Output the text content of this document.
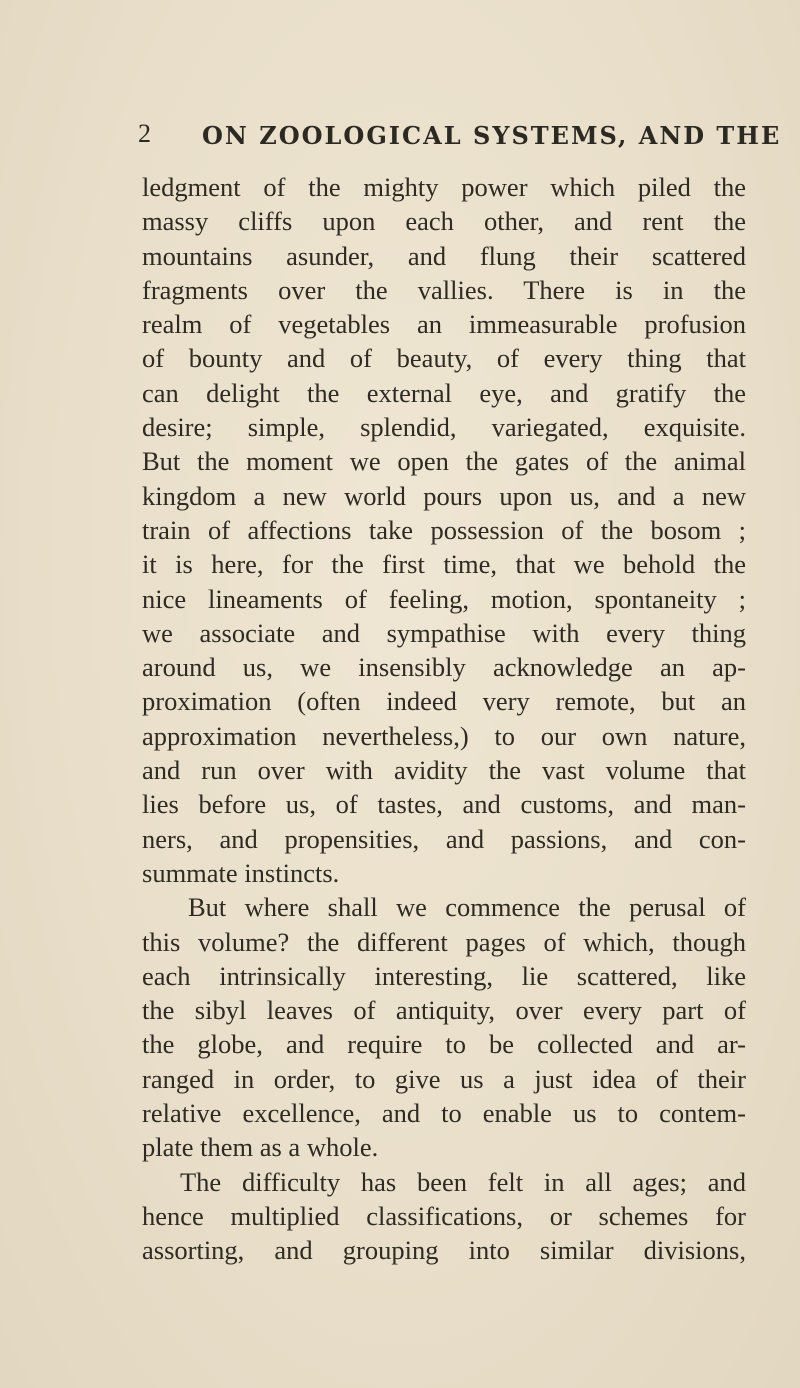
2 ON ZOOLOGICAL SYSTEMS, AND THE
ledgment of the mighty power which piled the
massy cliffs upon each other, and rent the
mountains asunder, and flung their scattered
fragments over the vallies. There is in the
realm of vegetables an immeasurable profusion
of bounty and of beauty, of every thing that
can delight the external eye, and gratify the
desire; simple, splendid, variegated, exquisite.
But the moment we open the gates of the animal
kingdom a new world pours upon us, and a new
train of affections take possession of the bosom ;
it is here, for the first time, that we behold the
nice lineaments of feeling, motion, spontaneity ;
we associate and sympathise with every thing
around us, we insensibly acknowledge an ap-
proximation (often indeed very remote, but an
approximation nevertheless,) to our own nature,
and run over with avidity the vast volume that
lies before us, of tastes, and customs, and man-
ners, and propensities, and passions, and con-
summate instincts.
But where shall we commence the perusal of
this volume? the different pages of which, though
each intrinsically interesting, lie scattered, like
the sibyl leaves of antiquity, over every part of
the globe, and require to be collected and ar-
ranged in order, to give us a just idea of their
relative excellence, and to enable us to contem-
plate them as a whole.
The difficulty has been felt in all ages; and
hence multiplied classifications, or schemes for
assorting, and grouping into similar divisions,
